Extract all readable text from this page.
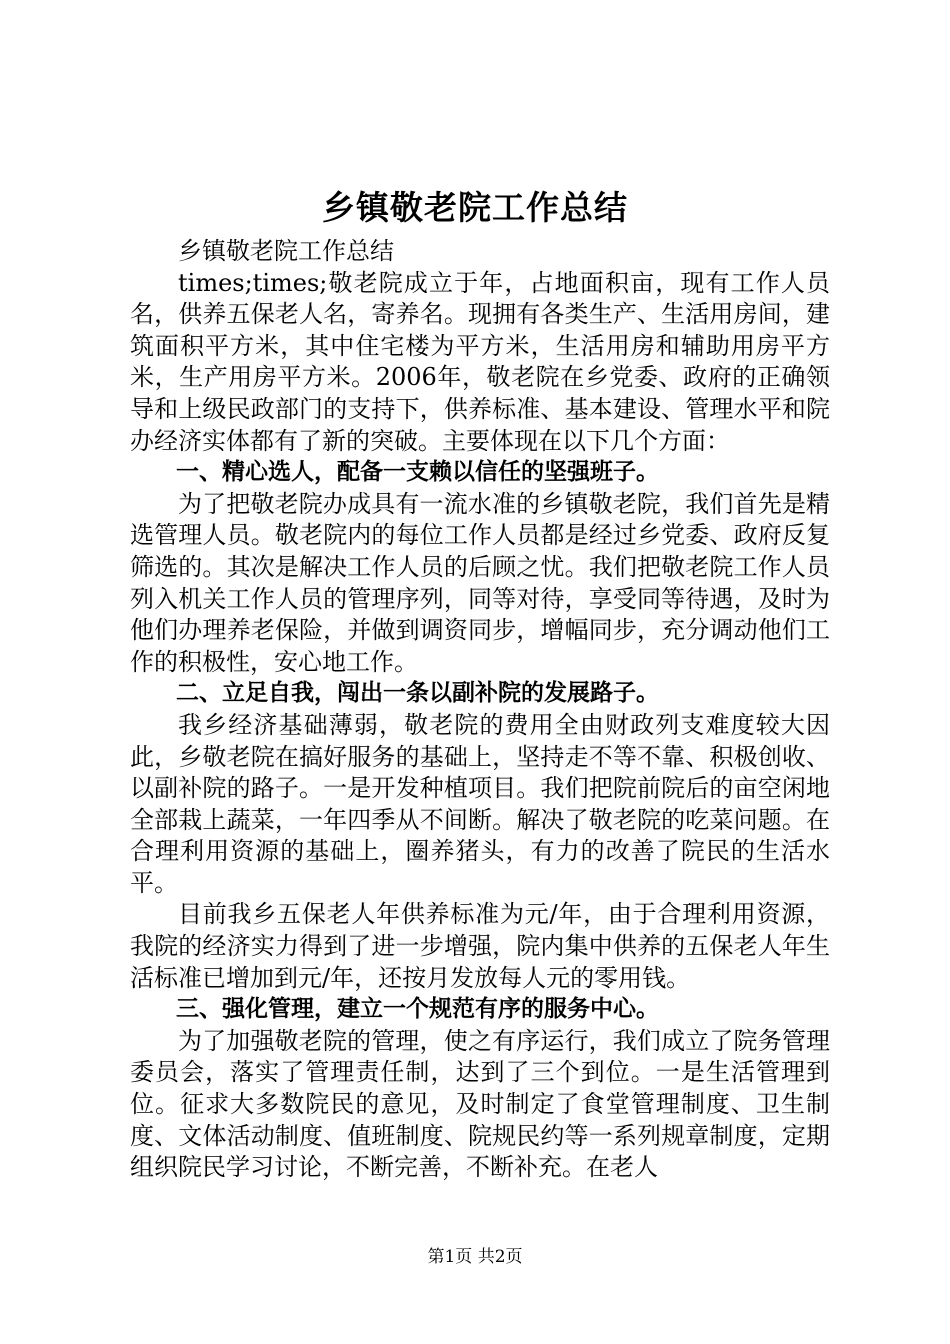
乡镇敬老院工作总结

乡镇敬老院工作总结

times;times;敬老院成立于年，占地面积亩，现有工作人员名，供养五保老人名，寄养名。现拥有各类生产、生活用房间，建筑面积平方米，其中住宅楼为平方米，生活用房和辅助用房平方米，生产用房平方米。2006年，敬老院在乡党委、政府的正确领导和上级民政部门的支持下，供养标准、基本建设、管理水平和院办经济实体都有了新的突破。主要体现在以下几个方面：

一、精心选人，配备一支赖以信任的坚强班子。

为了把敬老院办成具有一流水准的乡镇敬老院，我们首先是精选管理人员。敬老院内的每位工作人员都是经过乡党委、政府反复筛选的。其次是解决工作人员的后顾之忧。我们把敬老院工作人员列入机关工作人员的管理序列，同等对待，享受同等待遇，及时为他们办理养老保险，并做到调资同步，增幅同步，充分调动他们工作的积极性，安心地工作。

二、立足自我，闯出一条以副补院的发展路子。

我乡经济基础薄弱，敬老院的费用全由财政列支难度较大因此，乡敬老院在搞好服务的基础上，坚持走不等不靠、积极创收、以副补院的路子。一是开发种植项目。我们把院前院后的亩空闲地全部栽上蔬菜，一年四季从不间断。解决了敬老院的吃菜问题。在合理利用资源的基础上，圈养猪头，有力的改善了院民的生活水平。

目前我乡五保老人年供养标准为元/年，由于合理利用资源，我院的经济实力得到了进一步增强，院内集中供养的五保老人年生活标准已增加到元/年，还按月发放每人元的零用钱。

三、强化管理，建立一个规范有序的服务中心。

为了加强敬老院的管理，使之有序运行，我们成立了院务管理委员会，落实了管理责任制，达到了三个到位。一是生活管理到位。征求大多数院民的意见，及时制定了食堂管理制度、卫生制度、文体活动制度、值班制度、院规民约等一系列规章制度，定期组织院民学习讨论，不断完善，不断补充。在老人

第1页 共2页
